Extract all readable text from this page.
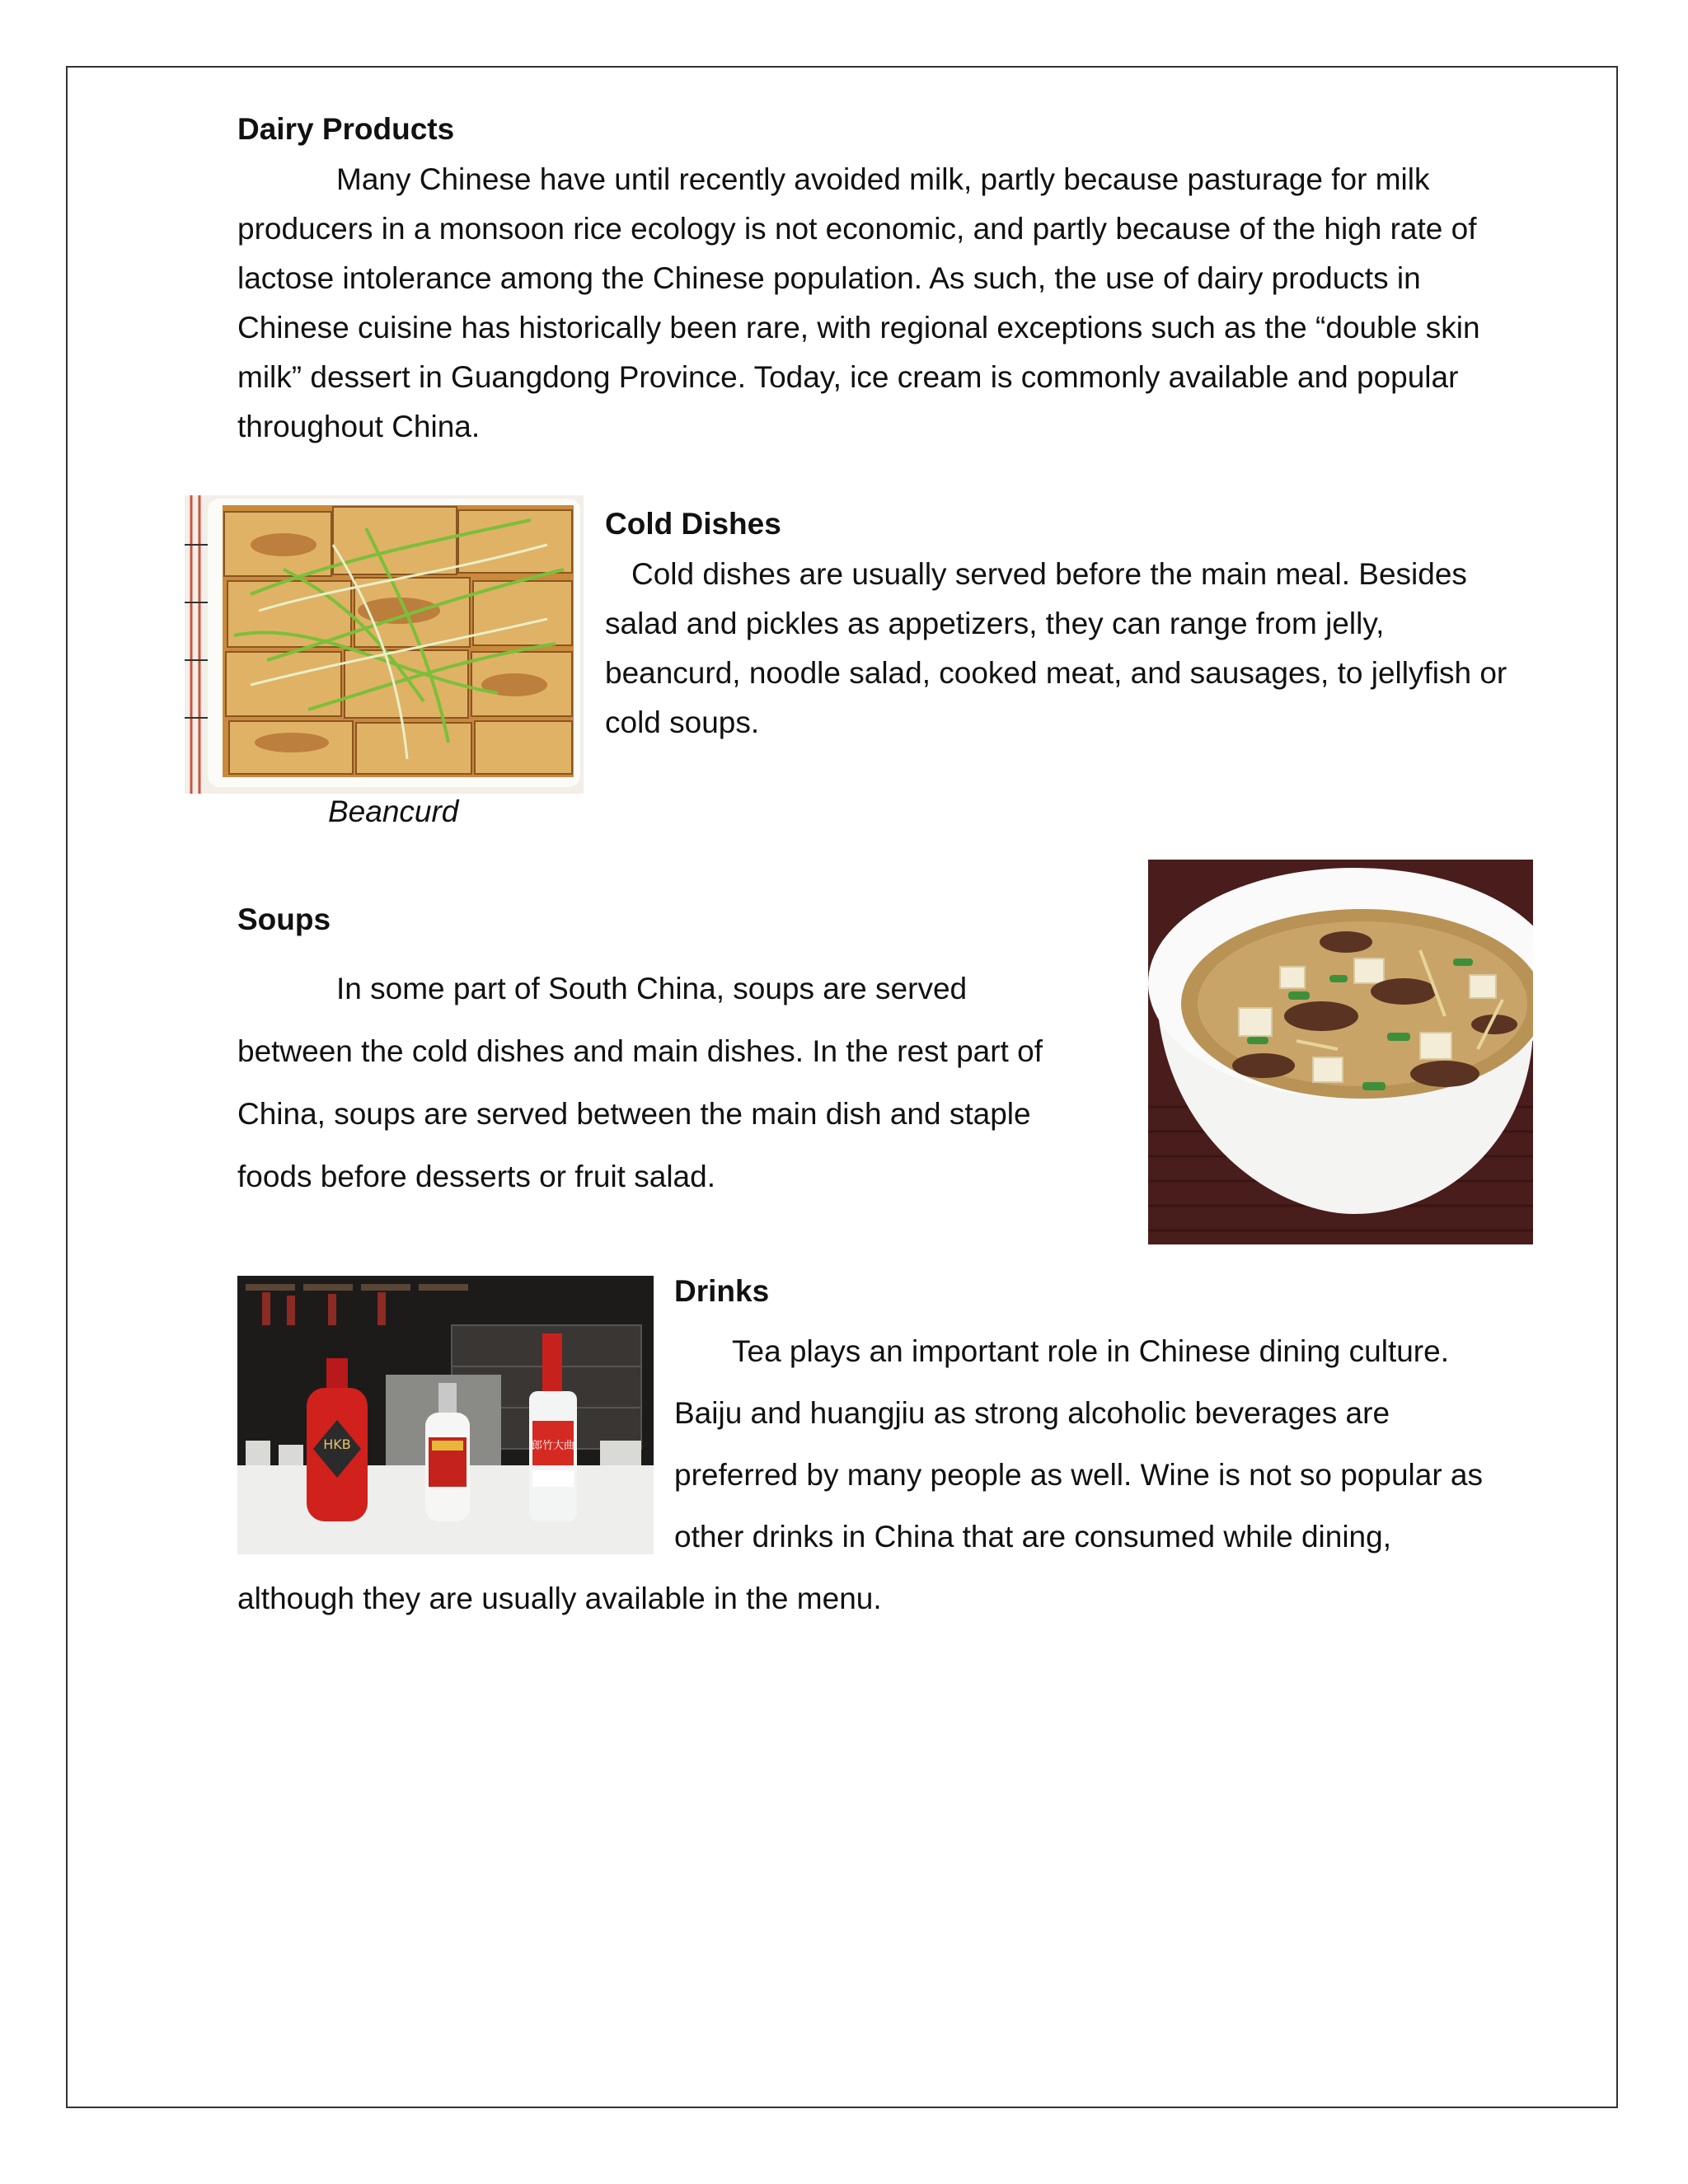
Dairy Products
Many Chinese have until recently avoided milk, partly because pasturage for milk
producers in a monsoon rice ecology is not economic, and partly because of the high rate of
lactose intolerance among the Chinese population. As such, the use of dairy products in
Chinese cuisine has historically been rare, with regional exceptions such as the “double skin
milk” dessert in Guangdong Province. Today, ice cream is commonly available and popular
throughout China.
Beancurd
Cold Dishes
Cold dishes are usually served before the main meal. Besides
salad and pickles as appetizers, they can range from jelly,
beancurd, noodle salad, cooked meat, and sausages, to jellyfish or
cold soups.
Soups
In some part of South China, soups are served
between the cold dishes and main dishes. In the rest part of
China, soups are served between the main dish and staple
foods before desserts or fruit salad.
HKB	郎竹大曲
Drinks
Tea plays an important role in Chinese dining culture.
Baiju and huangjiu as strong alcoholic beverages are
preferred by many people as well. Wine is not so popular as
other drinks in China that are consumed while dining,
although they are usually available in the menu.
